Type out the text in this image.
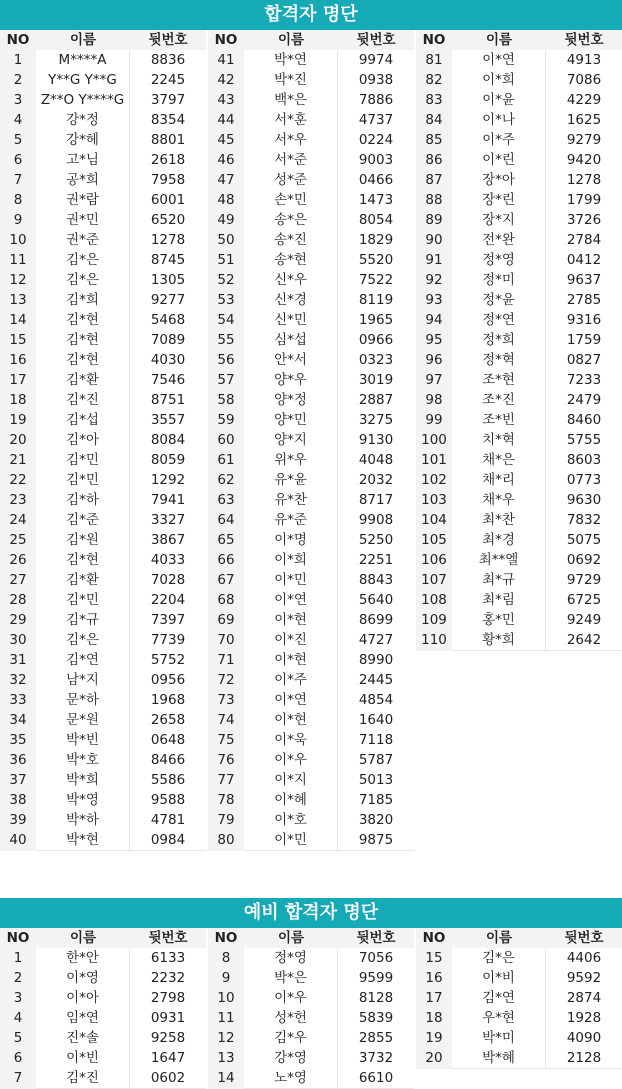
합격자 명단
NO	이름	뒷번호
1	M****A	8836
2	Y**G Y**G	2245
3	Z**O Y****G	3797
4	강*정	8354
5	강*헤	8801
6	고*님	2618
7	공*희	7958
8	권*람	6001
9	권*민	6520
10	권*준	1278
11	김*은	8745
12	김*은	1305
13	김*희	9277
14	김*현	5468
15	김*현	7089
16	김*현	4030
17	김*환	7546
18	김*진	8751
19	김*섭	3557
20	김*아	8084
21	김*민	8059
22	김*민	1292
23	김*하	7941
24	김*준	3327
25	김*원	3867
26	김*현	4033
27	김*환	7028
28	김*민	2204
29	김*규	7397
30	김*은	7739
31	김*연	5752
32	남*지	0956
33	문*하	1968
34	문*원	2658
35	박*빈	0648
36	박*호	8466
37	박*희	5586
38	박*영	9588
39	박*하	4781
40	박*현	0984
NO	이름	뒷번호
41	박*연	9974
42	박*진	0938
43	백*은	7886
44	서*훈	4737
45	서*우	0224
46	서*준	9003
47	성*준	0466
48	손*민	1473
49	송*은	8054
50	송*진	1829
51	송*현	5520
52	신*우	7522
53	신*경	8119
54	신*민	1965
55	심*섭	0966
56	안*서	0323
57	양*우	3019
58	양*정	2887
59	양*민	3275
60	양*지	9130
61	위*우	4048
62	유*윤	2032
63	유*찬	8717
64	유*준	9908
65	이*명	5250
66	이*희	2251
67	이*민	8843
68	이*연	5640
69	이*현	8699
70	이*진	4727
71	이*현	8990
72	이*주	2445
73	이*연	4854
74	이*현	1640
75	이*욱	7118
76	이*우	5787
77	이*지	5013
78	이*혜	7185
79	이*호	3820
80	이*민	9875
NO	이름	뒷번호
81	이*연	4913
82	이*희	7086
83	이*윤	4229
84	이*나	1625
85	이*주	9279
86	이*린	9420
87	장*아	1278
88	장*린	1799
89	장*지	3726
90	전*완	2784
91	정*영	0412
92	정*미	9637
93	정*윤	2785
94	정*연	9316
95	정*희	1759
96	정*혁	0827
97	조*현	7233
98	조*진	2479
99	조*빈	8460
100	치*혁	5755
101	채*은	8603
102	채*리	0773
103	채*우	9630
104	최*찬	7832
105	최*경	5075
106	최**엘	0692
107	최*규	9729
108	최*림	6725
109	홍*민	9249
110	황*희	2642
예비 합격자 명단
NO	이름	뒷번호
1	한*안	6133
2	이*영	2232
3	이*아	2798
4	임*연	0931
5	진*솔	9258
6	이*빈	1647
7	김*진	0602
NO	이름	뒷번호
8	정*영	7056
9	박*은	9599
10	이*우	8128
11	성*헌	5839
12	김*우	2855
13	강*영	3732
14	노*영	6610
NO	이름	뒷번호
15	김*은	4406
16	이*비	9592
17	김*연	2874
18	우*현	1928
19	박*미	4090
20	박*혜	2128
